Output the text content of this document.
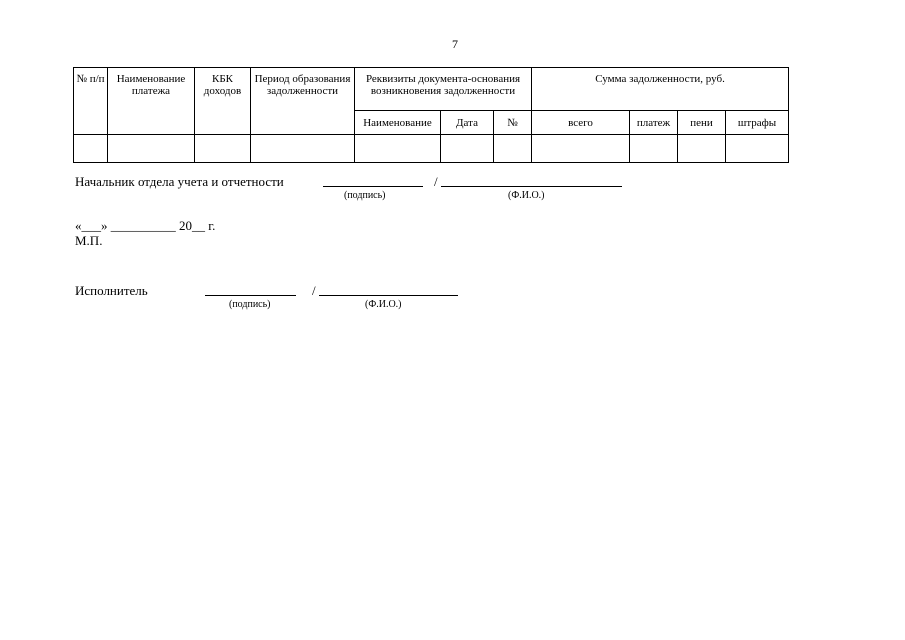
7
№ п/п	Наименование платежа	КБК доходов	Период образования задолженности	Реквизиты документа-основания возникновения задолженности			Сумма задолженности, руб.			
				Наименование	Дата	№	всего	платеж	пени	штрафы

Начальник отдела учета и отчетности	/
(подпись)	(Ф.И.О.)
«___» __________ 20__ г.
М.П.
Исполнитель	/
(подпись)	(Ф.И.О.)
